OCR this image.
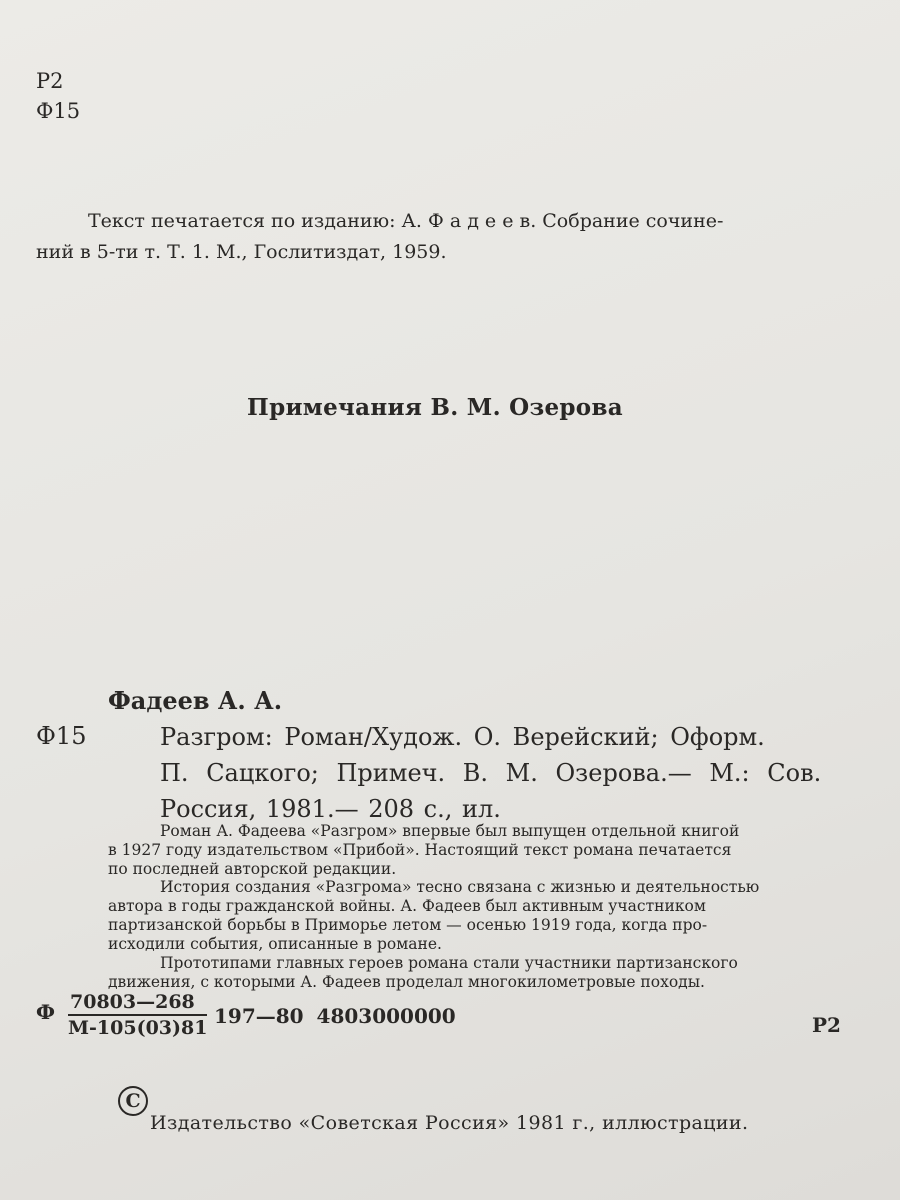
Р2
Ф15
Текст печатается по изданию: А. Ф а д е е в. Собрание сочине-
ний в 5-ти т. Т. 1. М., Гослитиздат, 1959.
Примечания В. М. Озерова
Фадеев А. А.
Ф15	Разгром: Роман/Худож. О. Верейский; Оформ.
П. Сацкого; Примеч. В. М. Озерова.— М.: Сов.
Россия, 1981.— 208 с., ил.
Роман А. Фадеева «Разгром» впервые был выпущен отдельной книгой
в 1927 году издательством «Прибой». Настоящий текст романа печатается
по последней авторской редакции.
История создания «Разгрома» тесно связана с жизнью и деятельностью
автора в годы гражданской войны. А. Фадеев был активным участником
партизанской борьбы в Приморье летом — осенью 1919 года, когда про-
исходили события, описанные в романе.
Прототипами главных героев романа стали участники партизанского
движения, с которыми А. Фадеев проделал многокилометровые походы.
Ф 70803—268
М-105(03)81 197—80 4803000000	Р2
С
Издательство «Советская Россия» 1981 г., иллюстрации.
